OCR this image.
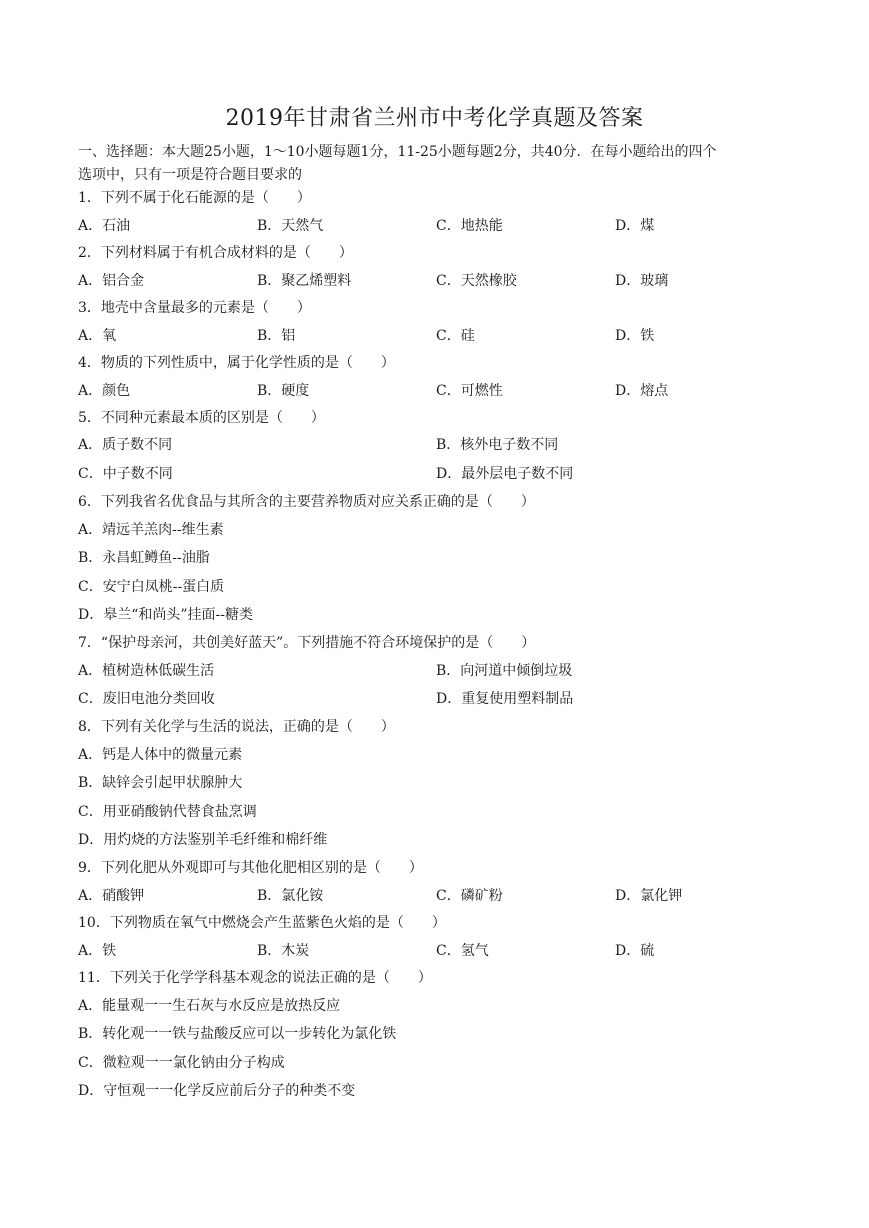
2019年甘肃省兰州市中考化学真题及答案
一、选择题：本大题25小题，1～10小题每题1分，11-25小题每题2分，共40分．在每小题给出的四个
选项中，只有一项是符合题目要求的
1．下列不属于化石能源的是（　　）
A．石油	B．天然气	C．地热能	D．煤
2．下列材料属于有机合成材料的是（　　）
A．铝合金	B．聚乙烯塑料	C．天然橡胶	D．玻璃
3．地壳中含量最多的元素是（　　）
A．氧	B．铝	C．硅	D．铁
4．物质的下列性质中，属于化学性质的是（　　）
A．颜色	B．硬度	C．可燃性	D．熔点
5．不同种元素最本质的区别是（　　）
A．质子数不同	B．核外电子数不同
C．中子数不同	D．最外层电子数不同
6．下列我省名优食品与其所含的主要营养物质对应关系正确的是（　　）
A．靖远羊羔肉--维生素
B．永昌虹鳟鱼--油脂
C．安宁白凤桃--蛋白质
D．皋兰“和尚头”挂面--糖类
7．“保护母亲河，共创美好蓝天”。下列措施不符合环境保护的是（　　）
A．植树造林低碳生活	B．向河道中倾倒垃圾
C．废旧电池分类回收	D．重复使用塑料制品
8．下列有关化学与生活的说法，正确的是（　　）
A．钙是人体中的微量元素
B．缺锌会引起甲状腺肿大
C．用亚硝酸钠代替食盐烹调
D．用灼烧的方法鉴别羊毛纤维和棉纤维
9．下列化肥从外观即可与其他化肥相区别的是（　　）
A．硝酸钾	B．氯化铵	C．磷矿粉	D．氯化钾
10．下列物质在氧气中燃烧会产生蓝紫色火焰的是（　　）
A．铁	B．木炭	C．氢气	D．硫
11．下列关于化学学科基本观念的说法正确的是（　　）
A．能量观一一生石灰与水反应是放热反应
B．转化观一一铁与盐酸反应可以一步转化为氯化铁
C．微粒观一一氯化钠由分子构成
D．守恒观一一化学反应前后分子的种类不变
